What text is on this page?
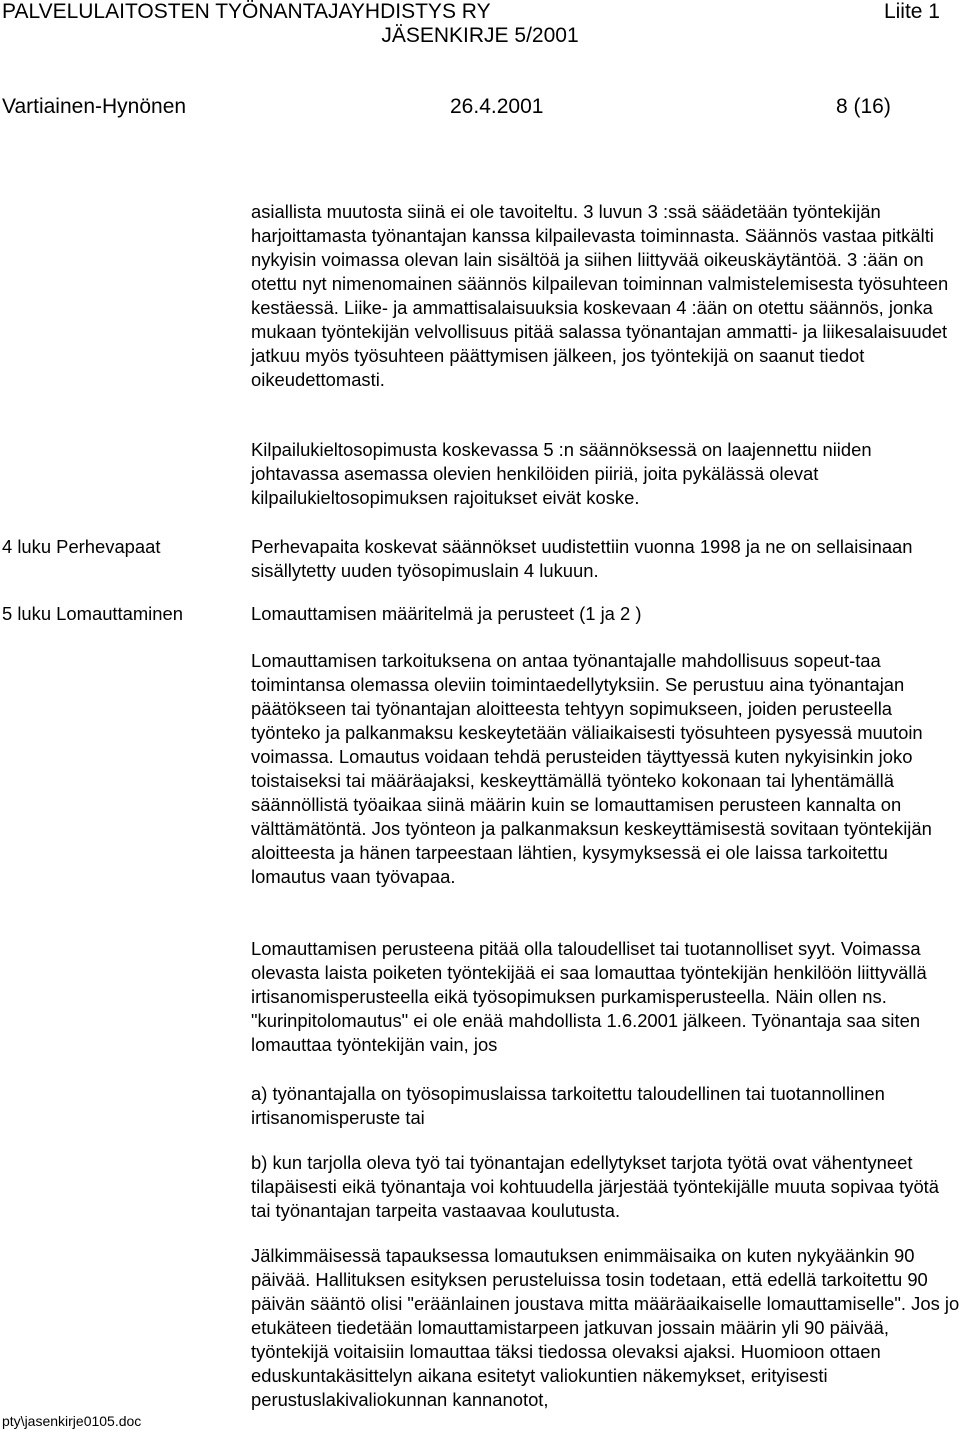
PALVELULAITOSTEN TYÖNANTAJAYHDISTYS RY	Liite 1
JÄSENKIRJE 5/2001
Vartiainen-Hynönen	26.4.2001	8 (16)

asiallista muutosta siinä ei ole tavoiteltu. 3 luvun 3 :ssä säädetään työntekijän harjoittamasta työnantajan kanssa kilpailevasta toiminnasta. Säännös vastaa pitkälti nykyisin voimassa olevan lain sisältöä ja siihen liittyvää oikeuskäytäntöä. 3 :ään on otettu nyt nimenomainen säännös kilpailevan toiminnan valmistelemisesta työsuhteen kestäessä. Liike- ja ammattisalaisuuksia koskevaan 4 :ään on otettu säännös, jonka mukaan työntekijän velvollisuus pitää salassa työnantajan ammatti- ja liikesalaisuudet jatkuu myös työsuhteen päättymisen jälkeen, jos työntekijä on saanut tiedot oikeudettomasti.

Kilpailukieltosopimusta koskevassa 5 :n säännöksessä on laajennettu niiden johtavassa asemassa olevien henkilöiden piiriä, joita pykälässä olevat kilpailukieltosopimuksen rajoitukset eivät koske.

4 luku Perhevapaat	Perhevapaita koskevat säännökset uudistettiin vuonna 1998 ja ne on sellaisinaan sisällytetty uuden työsopimuslain 4 lukuun.

5 luku Lomauttaminen	Lomauttamisen määritelmä ja perusteet (1 ja 2 )

Lomauttamisen tarkoituksena on antaa työnantajalle mahdollisuus sopeut-taa toimintansa olemassa oleviin toimintaedellytyksiin. Se perustuu aina työnantajan päätökseen tai työnantajan aloitteesta tehtyyn sopimukseen, joiden perusteella työnteko ja palkanmaksu keskeytetään väliaikaisesti työsuhteen pysyessä muutoin voimassa. Lomautus voidaan tehdä perusteiden täyttyessä kuten nykyisinkin joko toistaiseksi tai määräajaksi, keskeyttämällä työnteko kokonaan tai lyhentämällä säännöllistä työaikaa siinä määrin kuin se lomauttamisen perusteen kannalta on välttämätöntä. Jos työnteon ja palkanmaksun keskeyttämisestä sovitaan työntekijän aloitteesta ja hänen tarpeestaan lähtien, kysymyksessä ei ole laissa tarkoitettu lomautus vaan työvapaa.

Lomauttamisen perusteena pitää olla taloudelliset tai tuotannolliset syyt. Voimassa olevasta laista poiketen työntekijää ei saa lomauttaa työntekijän henkilöön liittyvällä irtisanomisperusteella eikä työsopimuksen purkamisperusteella. Näin ollen ns. "kurinpitolomautus" ei ole enää mahdollista 1.6.2001 jälkeen. Työnantaja saa siten lomauttaa työntekijän vain, jos

a) työnantajalla on työsopimuslaissa tarkoitettu taloudellinen tai tuotannollinen irtisanomisperuste tai

b) kun tarjolla oleva työ tai työnantajan edellytykset tarjota työtä ovat vähentyneet tilapäisesti eikä työnantaja voi kohtuudella järjestää työntekijälle muuta sopivaa työtä tai työnantajan tarpeita vastaavaa koulutusta.

Jälkimmäisessä tapauksessa lomautuksen enimmäisaika on kuten nykyäänkin 90 päivää. Hallituksen esityksen perusteluissa tosin todetaan, että edellä tarkoitettu 90 päivän sääntö olisi "eräänlainen joustava mitta määräaikaiselle lomauttamiselle". Jos jo etukäteen tiedetään lomauttamistarpeen jatkuvan jossain määrin yli 90 päivää, työntekijä voitaisiin lomauttaa täksi tiedossa olevaksi ajaksi. Huomioon ottaen eduskuntakäsittelyn aikana esitetyt valiokuntien näkemykset, erityisesti perustuslakivaliokunnan kannanotot,

pty\jasenkirje0105.doc
